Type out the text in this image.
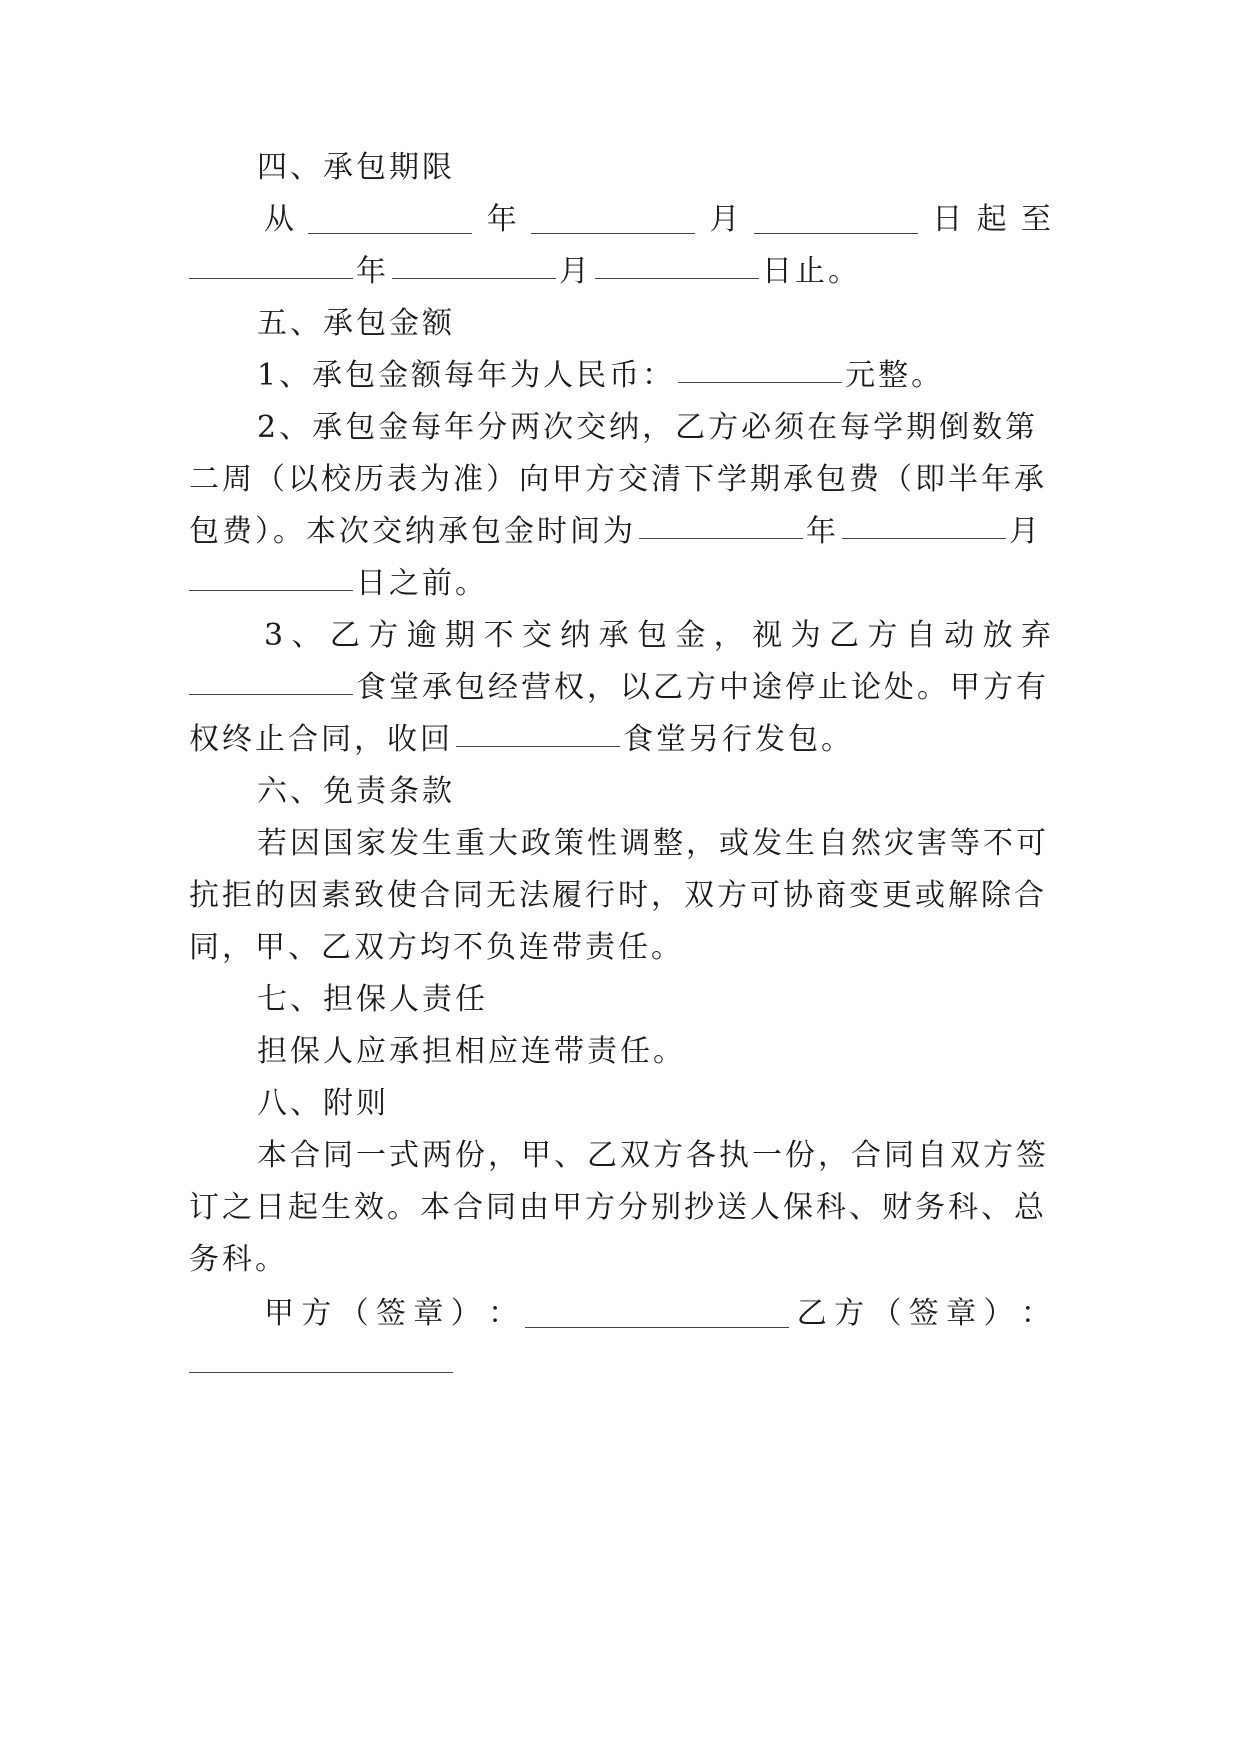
四、承包期限
从	年	月	日 起 至
年	月	日止。
五、承包金额
1、承包金额每年为人民币：	元整。
2、承包金每年分两次交纳，乙方必须在每学期倒数第
二周（以校历表为准）向甲方交清下学期承包费（即半年承
包费）。本次交纳承包金时间为	年	月
日之前。
3 、 乙 方 逾 期 不 交 纳 承 包 金 ， 视 为 乙 方 自 动 放 弃
食堂承包经营权，以乙方中途停止论处。甲方有
权终止合同，收回	食堂另行发包。
六、免责条款
若因国家发生重大政策性调整，或发生自然灾害等不可
抗拒的因素致使合同无法履行时，双方可协商变更或解除合
同，甲、乙双方均不负连带责任。
七、担保人责任
担保人应承担相应连带责任。
八、附则
本合同一式两份，甲、乙双方各执一份，合同自双方签
订之日起生效。本合同由甲方分别抄送人保科、财务科、总
务科。
甲 方 （ 签 章 ） ：	乙 方 （ 签 章 ） ：
